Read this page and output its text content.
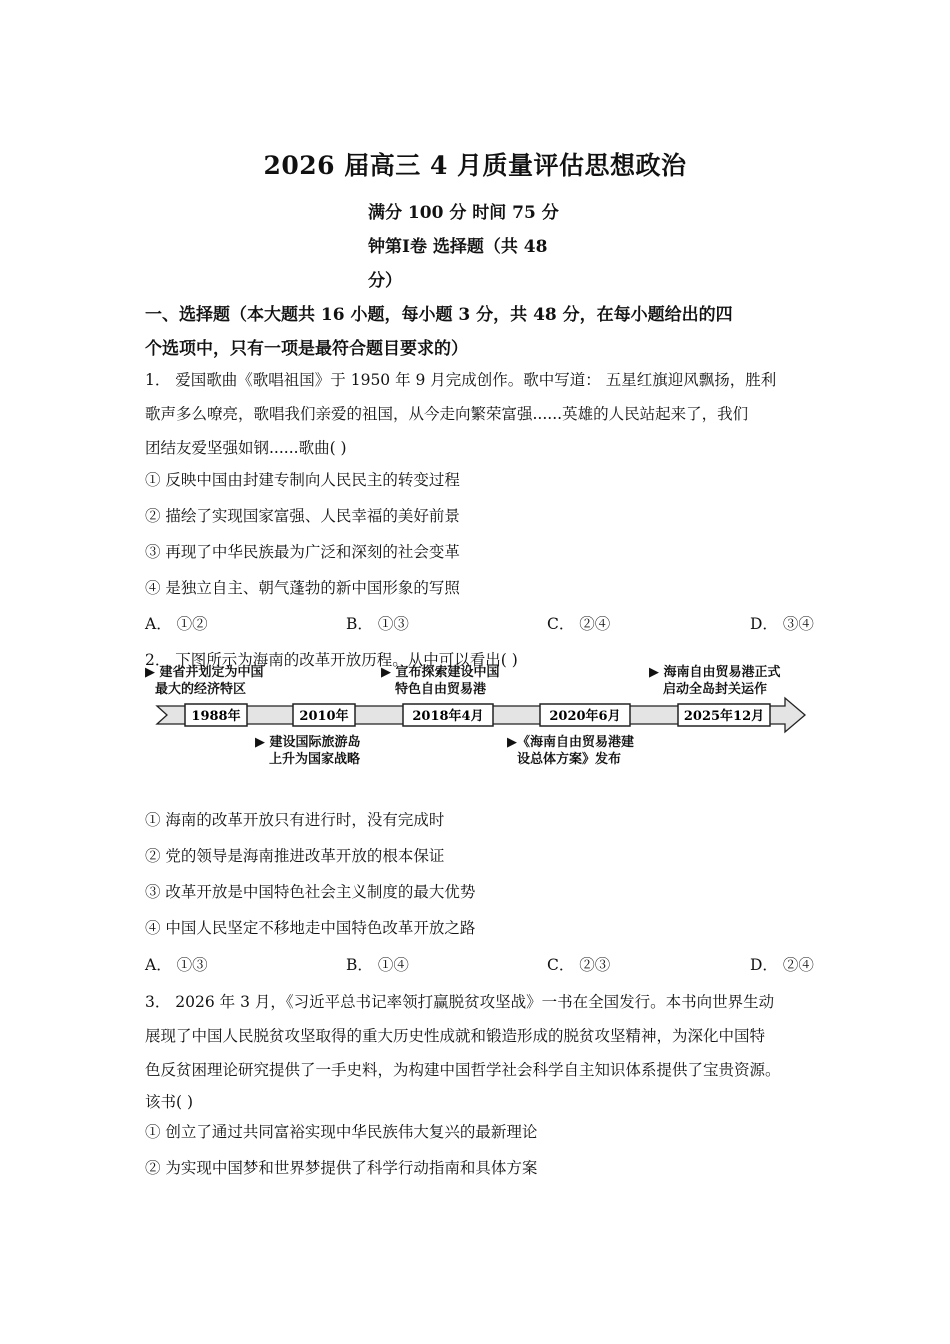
2026 届高三 4 月质量评估思想政治
满分 100 分 时间 75 分
钟第Ⅰ卷 选择题（共 48
分）
一、选择题（本大题共 16 小题，每小题 3 分，共 48 分，在每小题给出的四
个选项中，只有一项是最符合题目要求的）
1． 爱国歌曲《歌唱祖国》于 1950 年 9 月完成创作。歌中写道： 五星红旗迎风飘扬，胜利
歌声多么嘹亮，歌唱我们亲爱的祖国，从今走向繁荣富强......英雄的人民站起来了，我们
团结友爱坚强如钢......歌曲( )
① 反映中国由封建专制向人民民主的转变过程
② 描绘了实现国家富强、人民幸福的美好前景
③ 再现了中华民族最为广泛和深刻的社会变革
④ 是独立自主、朝气蓬勃的新中国形象的写照
A． ①②	B． ①③	C． ②④	D． ③④
2． 下图所示为海南的改革开放历程。从中可以看出( )
1988年	2010年	2018年4月	2020年6月	2025年12月
▶ 建省并划定为中国
最大的经济特区
▶ 宣布探索建设中国
特色自由贸易港
▶ 海南自由贸易港正式
启动全岛封关运作
▶ 建设国际旅游岛
上升为国家战略
▶《海南自由贸易港建
设总体方案》发布
① 海南的改革开放只有进行时，没有完成时
② 党的领导是海南推进改革开放的根本保证
③ 改革开放是中国特色社会主义制度的最大优势
④ 中国人民坚定不移地走中国特色改革开放之路
A． ①③	B． ①④	C． ②③	D． ②④
3． 2026 年 3 月，《习近平总书记率领打赢脱贫攻坚战》一书在全国发行。本书向世界生动
展现了中国人民脱贫攻坚取得的重大历史性成就和锻造形成的脱贫攻坚精神，为深化中国特
色反贫困理论研究提供了一手史料，为构建中国哲学社会科学自主知识体系提供了宝贵资源。
该书( )
① 创立了通过共同富裕实现中华民族伟大复兴的最新理论
② 为实现中国梦和世界梦提供了科学行动指南和具体方案
